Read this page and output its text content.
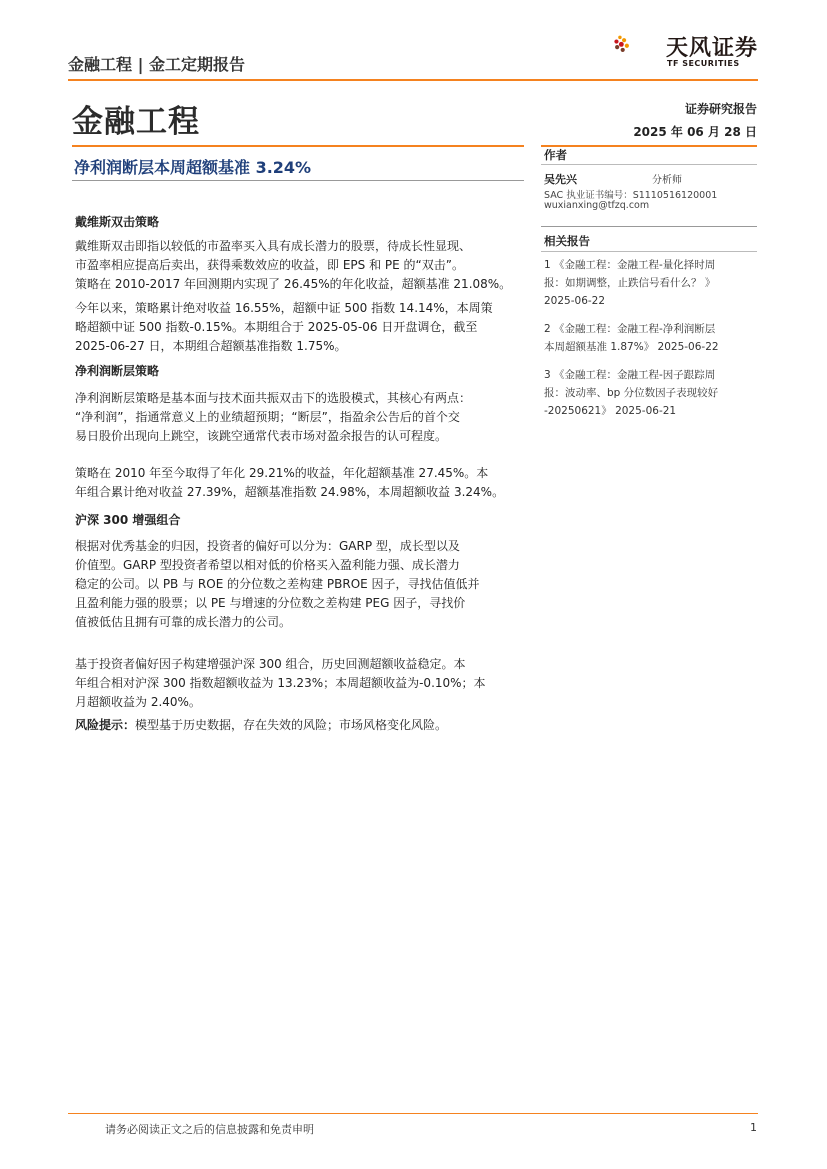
金融工程 | 金工定期报告
天风证券
TF SECURITIES
金融工程	证券研究报告
2025 年 06 月 28 日
净利润断层本周超额基准 3.24%
作者
吴先兴	分析师
SAC 执业证书编号：S1110516120001
wuxianxing@tfzq.com
相关报告
1 《金融工程：金融工程-量化择时周
报：如期调整，止跌信号看什么？ 》
2025-06-22
2 《金融工程：金融工程-净利润断层
本周超额基准 1.87%》 2025-06-22
3 《金融工程：金融工程-因子跟踪周
报：波动率、bp 分位数因子表现较好
-20250621》 2025-06-21
戴维斯双击策略
戴维斯双击即指以较低的市盈率买入具有成长潜力的股票，待成长性显现、
市盈率相应提高后卖出，获得乘数效应的收益，即 EPS 和 PE 的“双击”。
策略在 2010-2017 年回测期内实现了 26.45%的年化收益，超额基准 21.08%。
今年以来，策略累计绝对收益 16.55%，超额中证 500 指数 14.14%，本周策
略超额中证 500 指数-0.15%。本期组合于 2025-05-06 日开盘调仓，截至
2025-06-27 日，本期组合超额基准指数 1.75%。
净利润断层策略
净利润断层策略是基本面与技术面共振双击下的选股模式，其核心有两点：
“净利润”，指通常意义上的业绩超预期；“断层”，指盈余公告后的首个交
易日股价出现向上跳空，该跳空通常代表市场对盈余报告的认可程度。
策略在 2010 年至今取得了年化 29.21%的收益，年化超额基准 27.45%。本
年组合累计绝对收益 27.39%，超额基准指数 24.98%，本周超额收益 3.24%。
沪深 300 增强组合
根据对优秀基金的归因，投资者的偏好可以分为：GARP 型，成长型以及
价值型。GARP 型投资者希望以相对低的价格买入盈利能力强、成长潜力
稳定的公司。以 PB 与 ROE 的分位数之差构建 PBROE 因子，寻找估值低并
且盈利能力强的股票；以 PE 与增速的分位数之差构建 PEG 因子，寻找价
值被低估且拥有可靠的成长潜力的公司。
基于投资者偏好因子构建增强沪深 300 组合，历史回测超额收益稳定。本
年组合相对沪深 300 指数超额收益为 13.23%；本周超额收益为-0.10%；本
月超额收益为 2.40%。
风险提示：模型基于历史数据，存在失效的风险；市场风格变化风险。
请务必阅读正文之后的信息披露和免责申明	1
